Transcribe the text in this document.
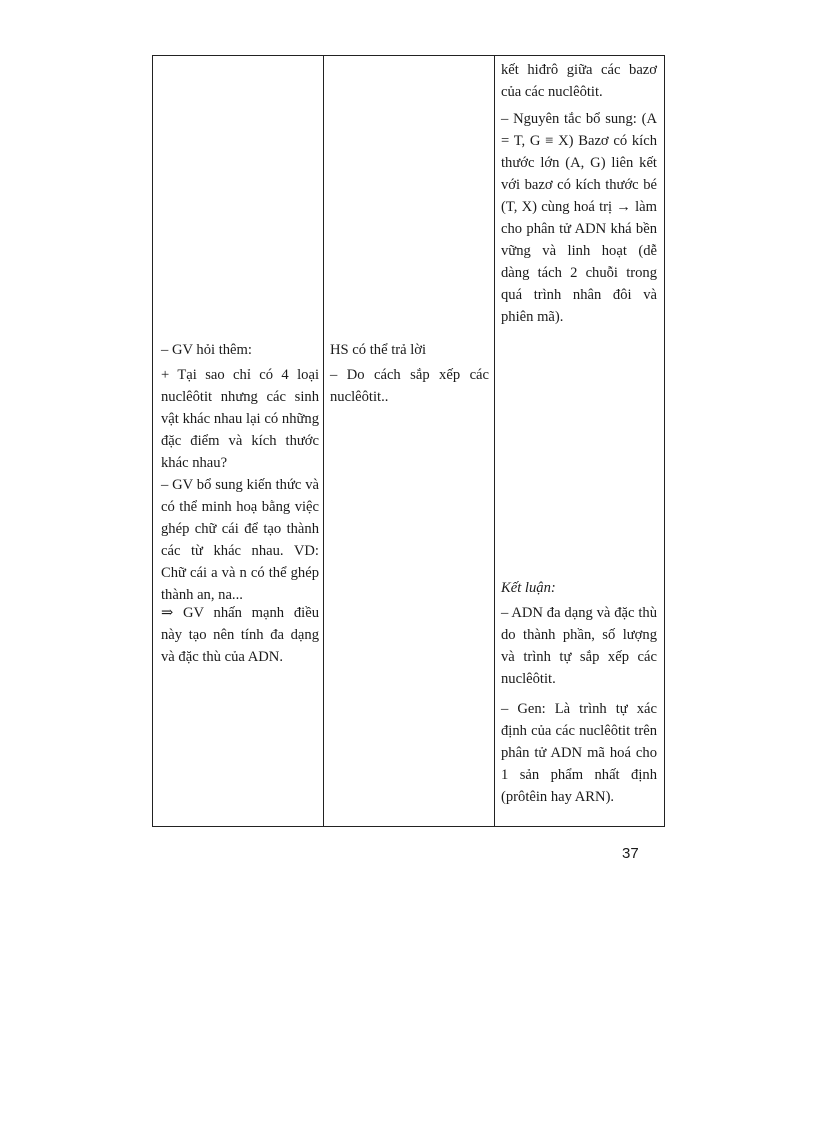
kết hiđrô giữa các bazơ của các nuclêôtit.

– Nguyên tắc bổ sung: (A = T, G ≡ X) Bazơ có kích thước lớn (A, G) liên kết với bazơ có kích thước bé (T, X) cùng hoá trị → làm cho phân tử ADN khá bền vững và linh hoạt (dễ dàng tách 2 chuỗi trong quá trình nhân đôi và phiên mã).

Kết luận:

– ADN đa dạng và đặc thù do thành phần, số lượng và trình tự sắp xếp các nuclêôtit.

– Gen: Là trình tự xác định của các nuclêôtit trên phân tử ADN mã hoá cho 1 sản phẩm nhất định (prôtêin hay ARN).

– GV hỏi thêm:

+ Tại sao chỉ có 4 loại nuclêôtit nhưng các sinh vật khác nhau lại có những đặc điểm và kích thước khác nhau?

– GV bổ sung kiến thức và có thể minh hoạ bằng việc ghép chữ cái để tạo thành các từ khác nhau. VD: Chữ cái a và n có thể ghép thành an, na...

⇒ GV nhấn mạnh điều này tạo nên tính đa dạng và đặc thù của ADN.

HS có thể trả lời

– Do cách sắp xếp các nuclêôtit..

37
